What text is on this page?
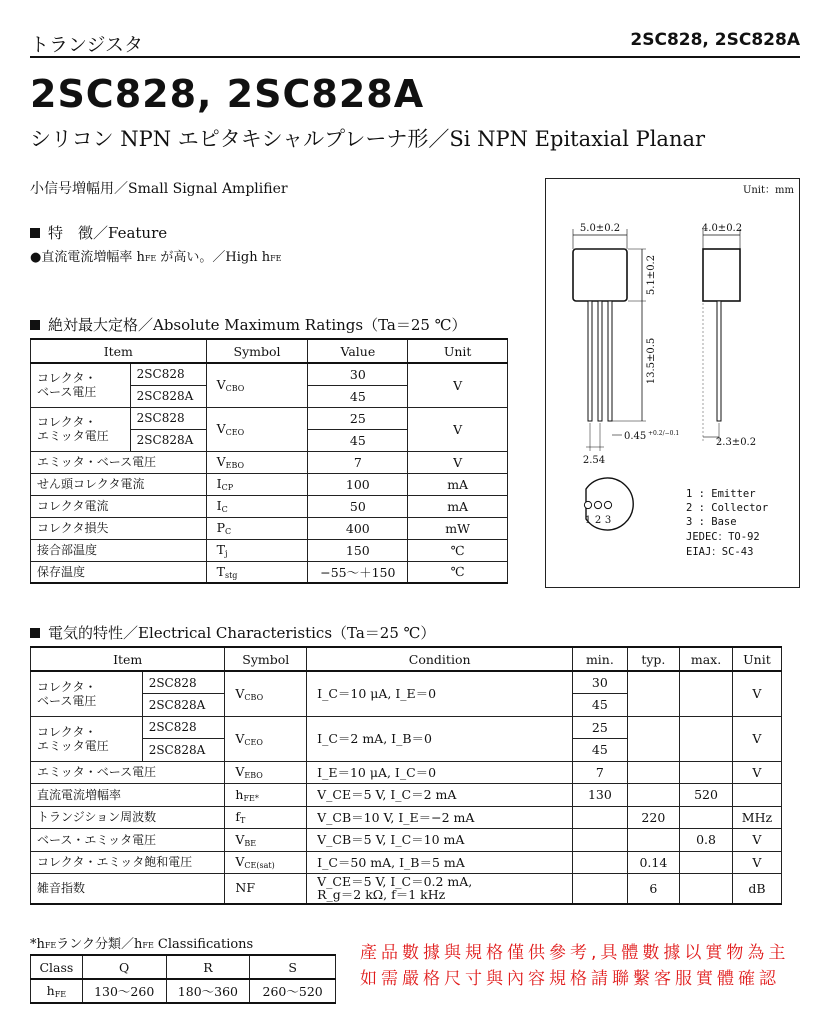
トランジスタ	2SC828, 2SC828A
2SC828, 2SC828A
シリコン NPN エピタキシャルプレーナ形／Si NPN Epitaxial Planar
小信号増幅用／Small Signal Amplifier
特　徴／Feature
●直流電流増幅率 hFE が高い。／High hFE
絶対最大定格／Absolute Maximum Ratings（Ta＝25 ℃）
Item		Symbol	Value	Unit
コレクタ・
ベース電圧	2SC828	$V_{CBO}$	30	V
	2SC828A		45	
コレクタ・
エミッタ電圧	2SC828	$V_{CEO}$	25	V
	2SC828A		45	
エミッタ・ベース電圧		$V_{EBO}$	7	V
せん頭コレクタ電流		$I_{CP}$	100	mA
コレクタ電流		$I_C$	50	mA
コレクタ損失		$P_C$	400	mW
接合部温度		$T_j$	150	℃
保存温度		$T_{stg}$	−55～＋150	℃
電気的特性／Electrical Characteristics（Ta＝25 ℃）
Item		Symbol	Condition	min.	typ.	max.	Unit
コレクタ・
ベース電圧	2SC828	$V_{CBO}$	I_C＝10 μA, I_E＝0	30			V
	2SC828A			45			
コレクタ・
エミッタ電圧	2SC828	$V_{CEO}$	I_C＝2 mA, I_B＝0	25			V
	2SC828A			45			
エミッタ・ベース電圧		$V_{EBO}$	I_E＝10 μA, I_C＝0	7			V
直流電流増幅率		$h_{FE*}$	V_CE＝5 V, I_C＝2 mA	130		520	
トランジション周波数		$f_T$	V_CB＝10 V, I_E＝−2 mA		220		MHz
ベース・エミッタ電圧		$V_{BE}$	V_CB＝5 V, I_C＝10 mA			0.8	V
コレクタ・エミッタ飽和電圧		$V_{CE(sat)}$	I_C＝50 mA, I_B＝5 mA		0.14		V
雑音指数		NF	V_CE＝5 V, I_C＝0.2 mA,
R_g＝2 kΩ, f＝1 kHz		6		dB
*hFEランク分類／hFE Classifications
Class	Q	R	S
$h_{FE}$	130～260	180～360	260～520
Unit：mm
5.0±0.2
5.1±0.2
13.5±0.5
0.45 +0.2/−0.1
2.54
4.0±0.2
2.3±0.2
1 2 3
1 : Emitter
2 : Collector
3 : Base
JEDEC：TO-92
EIAJ：SC-43
產品數據與規格僅供參考,具體數據以實物為主
如需嚴格尺寸與內容規格請聯繫客服實體確認
